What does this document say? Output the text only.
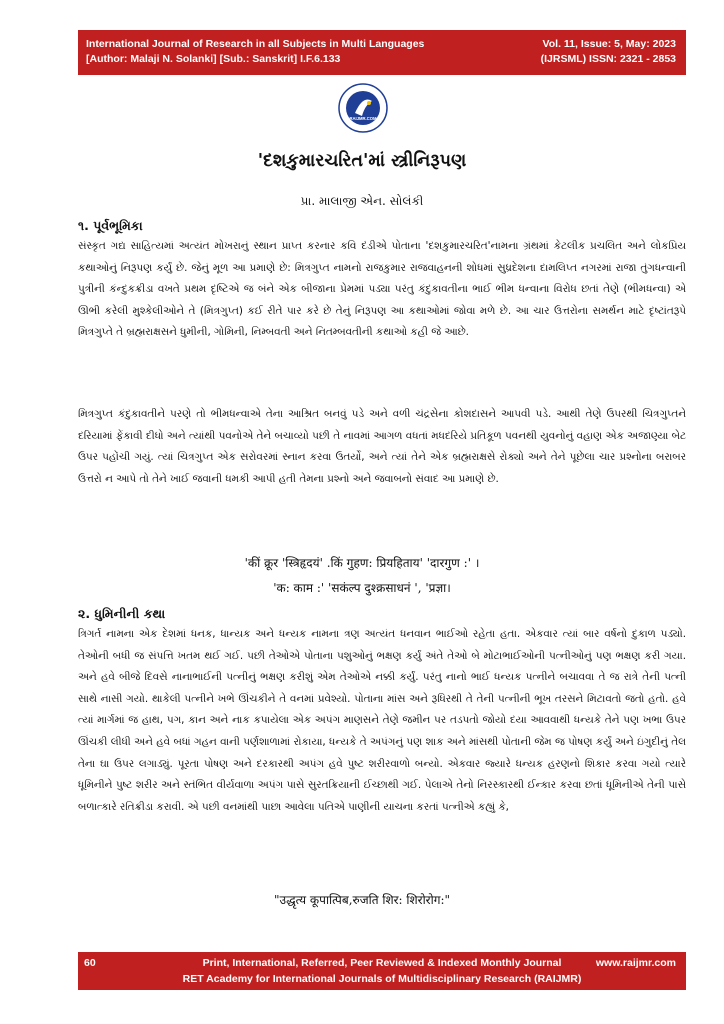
International Journal of Research in all Subjects in Multi Languages
[Author: Malaji N. Solanki] [Sub.: Sanskrit] I.F.6.133
Vol. 11, Issue: 5, May: 2023
(IJRSML) ISSN: 2321 - 2853
RAIJMR.COM
'દશકુમારચરિત'માં સ્ત્રીનિરૂપણ
પ્રા. માલાજી એન. સોલંકી
૧. પૂર્વભૂમિકા

સંસ્કૃત ગદ્ય સાહિત્યમાં અત્યંત મોખરાનું સ્થાન પ્રાપ્ત કરનાર કવિ દંડીએ પોતાના 'દશકુમારચરિત'નામના ગ્રંથમાં કેટલીક પ્રચલિત અને લોકપ્રિય કથાઓનું નિરૂપણ કર્યું છે. જેનું મૂળ આ પ્રમાણે છે: મિત્રગુપ્ત નામનો રાજકુમાર રાજવાહનની શોધમાં સુધ્રદેશના દામલિપ્ત નગરમાં રાજા તુંગધન્વાની પુત્રીની કંન્દુકક્રીડા વખતે પ્રથમ દૃષ્ટિએ જ બંને એક બીજાના પ્રેમમાં પડ્યા પરંતુ કંદુકાવતીના ભાઈ ભીમ ધન્વાના વિરોધ છતાં તેણે (ભીમધન્વા) એ ઊભી કરેલી મુશ્કેલીઓને તે (મિત્રગુપ્ત) કઈ રીતે પાર કરે છે તેનું નિરૂપણ આ કથાઓમાં જોવા મળે છે. આ ચાર ઉત્તરોના સમર્થન માટે દૃષ્ટાંતરૂપે મિત્રગુપ્તે તે બ્રહ્મરાક્ષસને ધુમીની, ગોમિની, નિમ્બવતી અને નિતમ્બવતીની કથાઓ કહી જે આછે.

મિત્રગુપ્ત કંદુકાવતીને પરણે તો ભીમધન્વાએ તેના આશ્રિત બનવું પડે અને વળી ચંદ્રસેના કોશદાસને આપવી પડે. આથી તેણે ઉપરથી ચિત્રગુપ્તને દરિયામાં ફેંકાવી દીધો અને ત્યાંથી પવનોએ તેને બચાવ્યો પછી તે નાવમાં આગળ વધતાં મધદરિયે પ્રતિકૂળ પવનથી યુવનોનું વહાણ એક અજાણ્યા બેટ ઉપર પહોંચી ગયું. ત્યાં ચિત્રગુપ્ત એક સરોવરમાં સ્નાન કરવા ઉતર્યો, અને ત્યાં તેને એક બ્રહ્મરાક્ષસે રોક્યો અને તેને પૂછેલા ચાર પ્રશ્નોના બરાબર ઉત્તરો ન આપે તો તેને ખાઈ જવાની ધમકી આપી હતી તેમના પ્રશ્નો અને જવાબનો સંવાદ આ પ્રમાણે છે.

'कीं क्रूर 'स्त्रिहृदयं' .किं गुहण: प्रियहिताय' 'दारगुण :' ।
'क: काम :' 'सकंल्प दुश्क्रसाधनं ', 'प्रज्ञा।
૨. ધુમિનીની કથા

ત્રિગર્ત નામના એક દેશમાં ધનક, ધાન્યક અને ધન્યક નામના ત્રણ અત્યંત ધનવાન ભાઈઓ રહેતા હતા. એકવાર ત્યાં બાર વર્ષનો દુકાળ પડ્યો. તેઓની બધી જ સંપત્તિ ખતમ થઈ ગઈ. પછી તેઓએ પોતાના પશુઓનું ભક્ષણ કર્યું અંતે તેઓ બે મોટાભાઈઓની પત્નીઓનું પણ ભક્ષણ કરી ગયા. અને હવે બીજે દિવસે નાનાભાઈની પત્નીનું ભક્ષણ કરીશું એમ તેઓએ નક્કી કર્યું. પરંતુ નાનો ભાઈ ધન્યક પત્નીને બચાવવા તે જ રાત્રે તેની પત્ની સાથે નાસી ગયો. થાકેલી પત્નીને ખભે ઊંચકીને તે વનમાં પ્રવેશ્યો. પોતાના માંસ અને રૂધિરથી તે તેની પત્નીની ભૂખ તરસને મિટાવતો જતો હતો. હવે ત્યાં માર્ગમાં જ હાથ, પગ, કાન અને નાક કપાયેલા એક અપંગ માણસને તેણે જમીન પર તડપતો જોયો દયા આવવાથી ધન્યકે તેને પણ ખભા ઉપર ઊંચકી લીધી અને હવે બધાં ગહન વાની પર્ણશાળામાં રોકાયા, ધન્યકે તે અપંગનું પણ શાક અને માંસથી પોતાની જેમ જ પોષણ કર્યું અને ઇંગુદીનું તેલ તેના ઘા ઉપર લગાડ્યું. પૂરતા પોષણ અને દરકારથી અપંગ હવે પુષ્ટ શરીરવાળો બન્યો. એકવાર જ્યારે ધન્યક હરણનો શિકાર કરવા ગયો ત્યારે ધૂમિનીને પુષ્ટ શરીર અને સ્તંભિત વીર્યવાળા અપંગ પાસે સુરતક્રિયાની ઈચ્છાથી ગઈ. પેલાએ તેનો નિરસ્કારથી ઈન્કાર કરવા છતાં ધૂમિનીએ તેની પાસે બળાત્કારે રતિક્રીડા કરાવી. એ પછી વનમાંથી પાછા આવેલા પતિએ પાણીની યાચના કરતાં પત્નીએ કહ્યું કે,

"उद्धृत्य कूपात्पिब,रुजति शिर: शिरोरोग:"
60	Print, International, Referred, Peer Reviewed & Indexed Monthly Journal	www.raijmr.com
RET Academy for International Journals of Multidisciplinary Research (RAIJMR)
